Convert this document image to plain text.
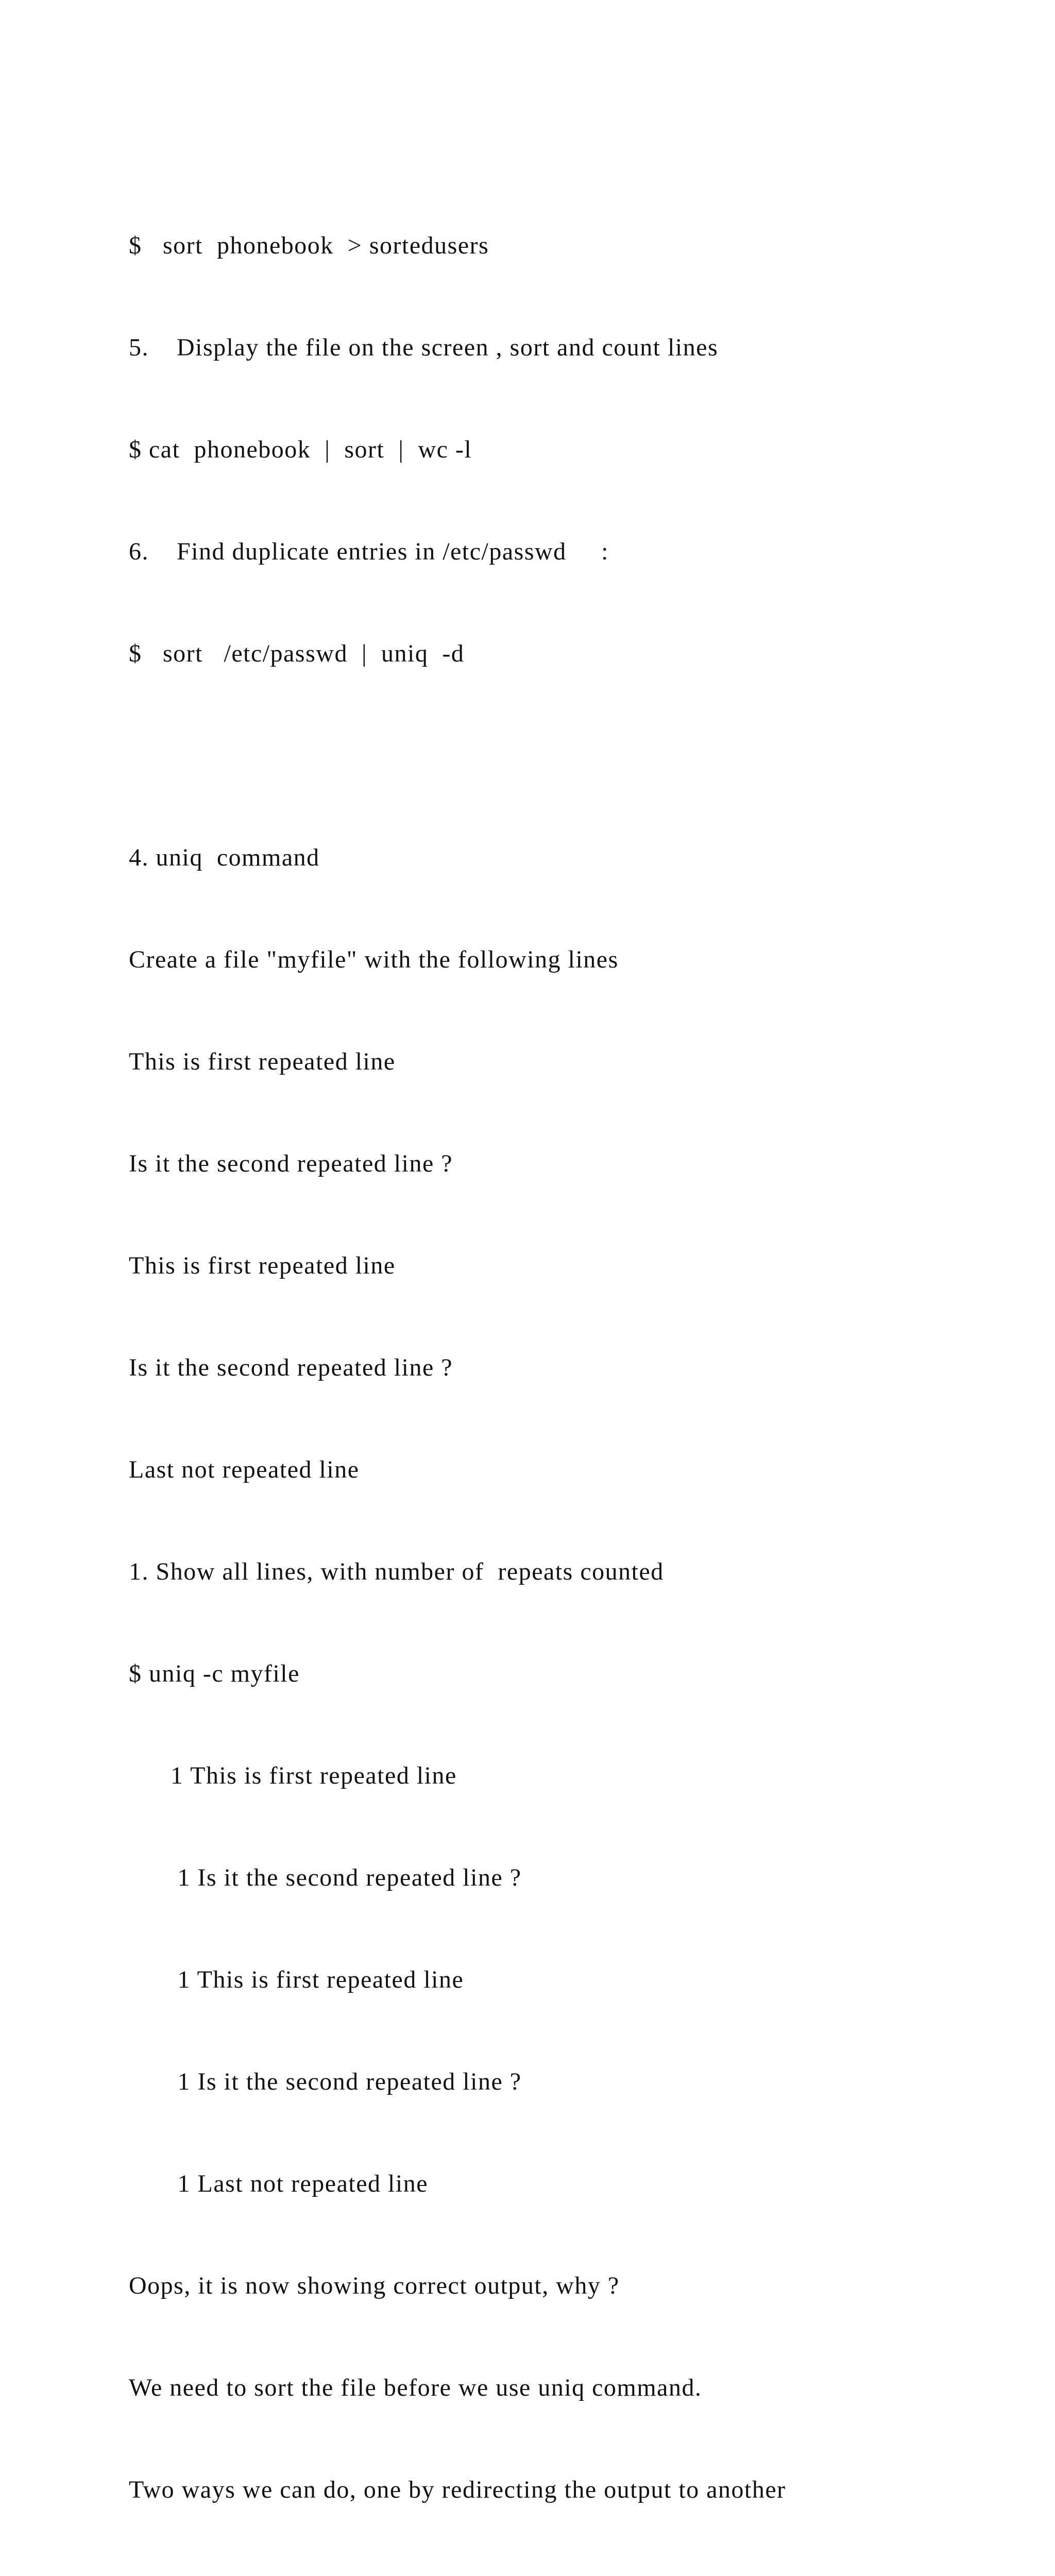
$   sort  phonebook  > sortedusers

5.    Display the file on the screen , sort and count lines

$ cat  phonebook  |  sort  |  wc -l

6.    Find duplicate entries in /etc/passwd     :

$   sort   /etc/passwd  |  uniq  -d

4. uniq  command

Create a file "myfile" with the following lines

This is first repeated line

Is it the second repeated line ?

This is first repeated line

Is it the second repeated line ?

Last not repeated line

1. Show all lines, with number of  repeats counted

$ uniq -c myfile

1 This is first repeated line

1 Is it the second repeated line ?

1 This is first repeated line

1 Is it the second repeated line ?

1 Last not repeated line

Oops, it is now showing correct output, why ?

We need to sort the file before we use uniq command.

Two ways we can do, one by redirecting the output to another
